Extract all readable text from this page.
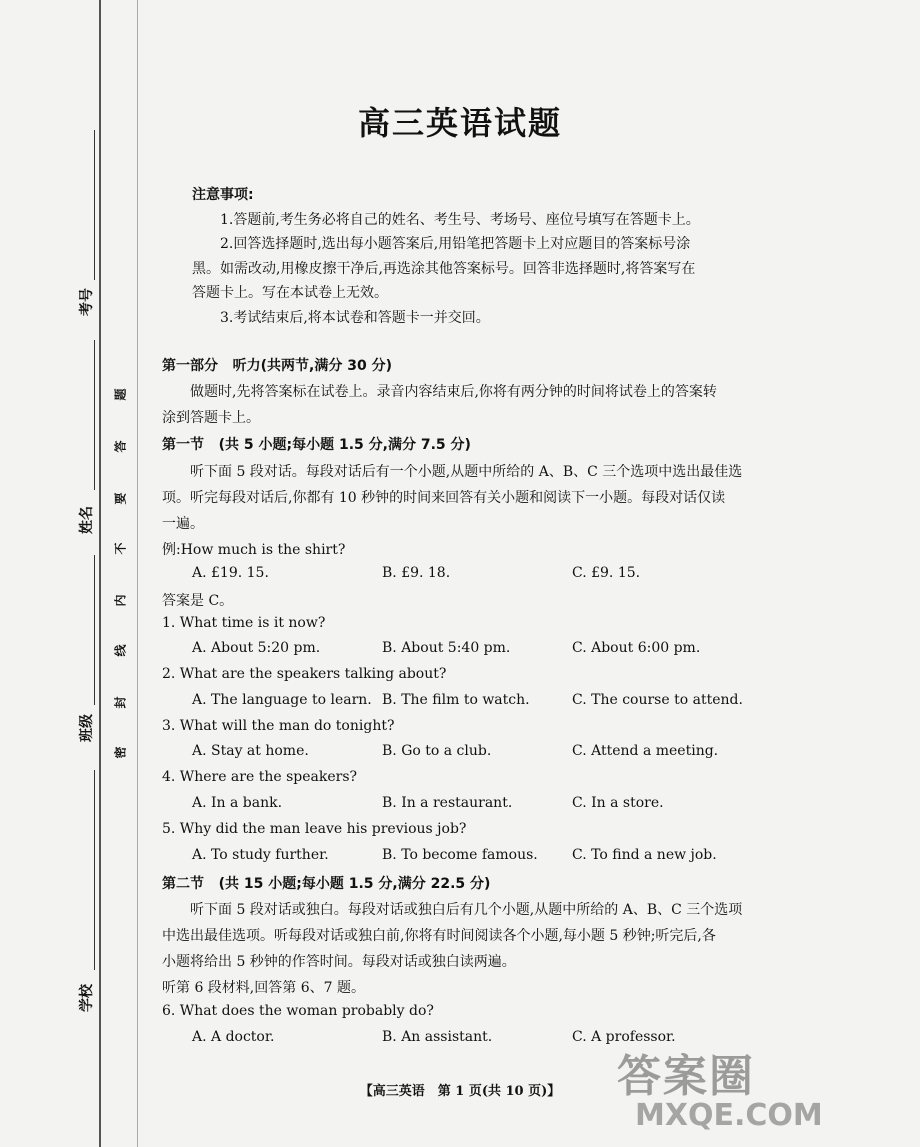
考号
姓名
班级
学校
题
答
要
不
内
线
封
密
高三英语试题
注意事项:
1.答题前,考生务必将自己的姓名、考生号、考场号、座位号填写在答题卡上。
2.回答选择题时,选出每小题答案后,用铅笔把答题卡上对应题目的答案标号涂
黑。如需改动,用橡皮擦干净后,再选涂其他答案标号。回答非选择题时,将答案写在
答题卡上。写在本试卷上无效。
3.考试结束后,将本试卷和答题卡一并交回。
第一部分 听力(共两节,满分 30 分)
做题时,先将答案标在试卷上。录音内容结束后,你将有两分钟的时间将试卷上的答案转
涂到答题卡上。
第一节 (共 5 小题;每小题 1.5 分,满分 7.5 分)
听下面 5 段对话。每段对话后有一个小题,从题中所给的 A、B、C 三个选项中选出最佳选
项。听完每段对话后,你都有 10 秒钟的时间来回答有关小题和阅读下一小题。每段对话仅读
一遍。
例:How much is the shirt?
A. £19. 15.	B. £9. 18.	C. £9. 15.
答案是 C。
1. What time is it now?
A. About 5:20 pm.	B. About 5:40 pm.	C. About 6:00 pm.
2. What are the speakers talking about?
A. The language to learn. B. The film to watch.	C. The course to attend.
3. What will the man do tonight?
A. Stay at home.	B. Go to a club.	C. Attend a meeting.
4. Where are the speakers?
A. In a bank.	B. In a restaurant.	C. In a store.
5. Why did the man leave his previous job?
A. To study further.	B. To become famous. C. To find a new job.
第二节 (共 15 小题;每小题 1.5 分,满分 22.5 分)
听下面 5 段对话或独白。每段对话或独白后有几个小题,从题中所给的 A、B、C 三个选项
中选出最佳选项。听每段对话或独白前,你将有时间阅读各个小题,每小题 5 秒钟;听完后,各
小题将给出 5 秒钟的作答时间。每段对话或独白读两遍。
听第 6 段材料,回答第 6、7 题。
6. What does the woman probably do?
A. A doctor.	B. An assistant.	C. A professor.
【高三英语　第 1 页(共 10 页)】	答案圈
MXQE.COM
